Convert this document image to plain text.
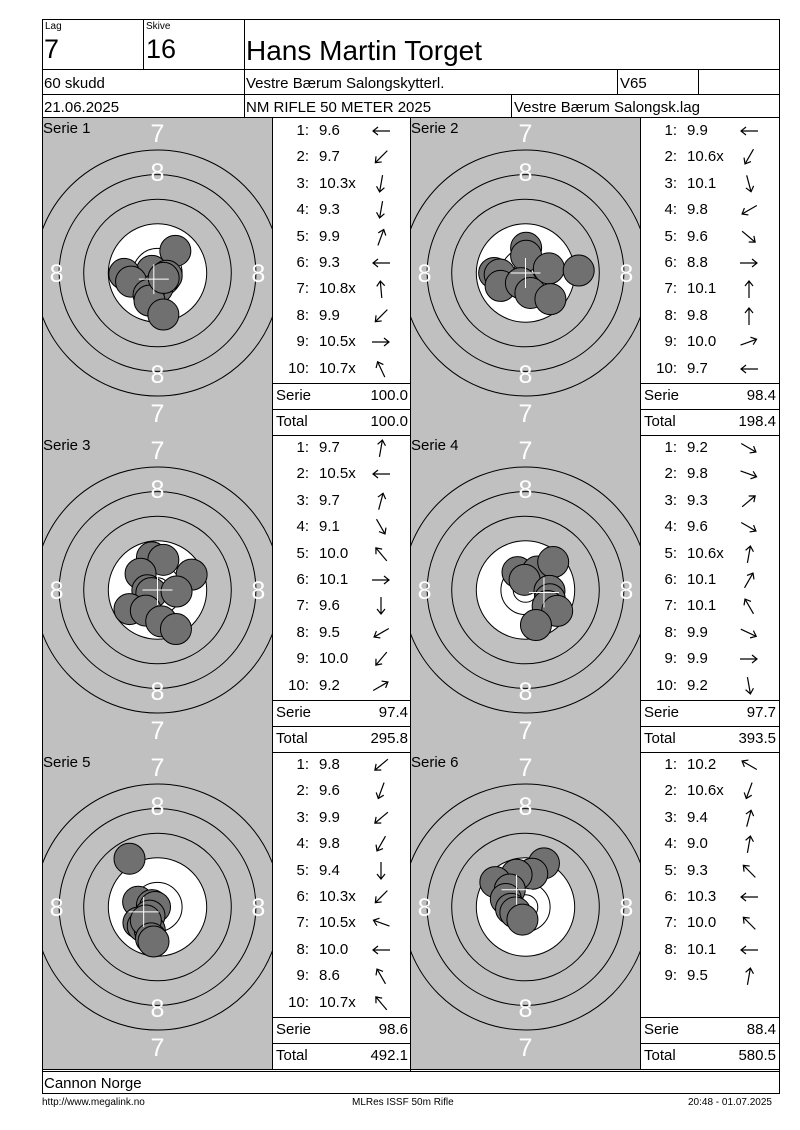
Lag
7
Skive
16 Hans Martin Torget
60 skudd	Vestre Bærum Salongskytterl.	V65
21.06.2025	NM RIFLE 50 METER 2025	Vestre Bærum Salongsk.lag
Cannon Norge
http://www.megalink.no	MLRes ISSF 50m Rifle	20:48 - 01.07.2025
7
8
8
7
8	8
Serie 1	1: 9.6
2: 9.7
3: 10.3x
4: 9.3
5: 9.9
6: 9.3
7: 10.8x
8: 9.9
9: 10.5x
10: 10.7x
Serie	100.0
Total	100.0
7
8
8
7
8	8
Serie 2	1: 9.9
2: 10.6x
3: 10.1
4: 9.8
5: 9.6
6: 8.8
7: 10.1
8: 9.8
9: 10.0
10: 9.7
Serie	98.4
Total	198.4
7
8
8
7
8	8
Serie 3	1: 9.7
2: 10.5x
3: 9.7
4: 9.1
5: 10.0
6: 10.1
7: 9.6
8: 9.5
9: 10.0
10: 9.2
Serie	97.4
Total	295.8
7
8
8
7
8	8
Serie 4	1: 9.2
2: 9.8
3: 9.3
4: 9.6
5: 10.6x
6: 10.1
7: 10.1
8: 9.9
9: 9.9
10: 9.2
Serie	97.7
Total	393.5
7
8
8
7
8	8
Serie 5	1: 9.8
2: 9.6
3: 9.9
4: 9.8
5: 9.4
6: 10.3x
7: 10.5x
8: 10.0
9: 8.6
10: 10.7x
Serie	98.6
Total	492.1
7
8
8
7
8	8
Serie 6	1: 10.2
2: 10.6x
3: 9.4
4: 9.0
5: 9.3
6: 10.3
7: 10.0
8: 10.1
9: 9.5
Serie	88.4
Total	580.5
